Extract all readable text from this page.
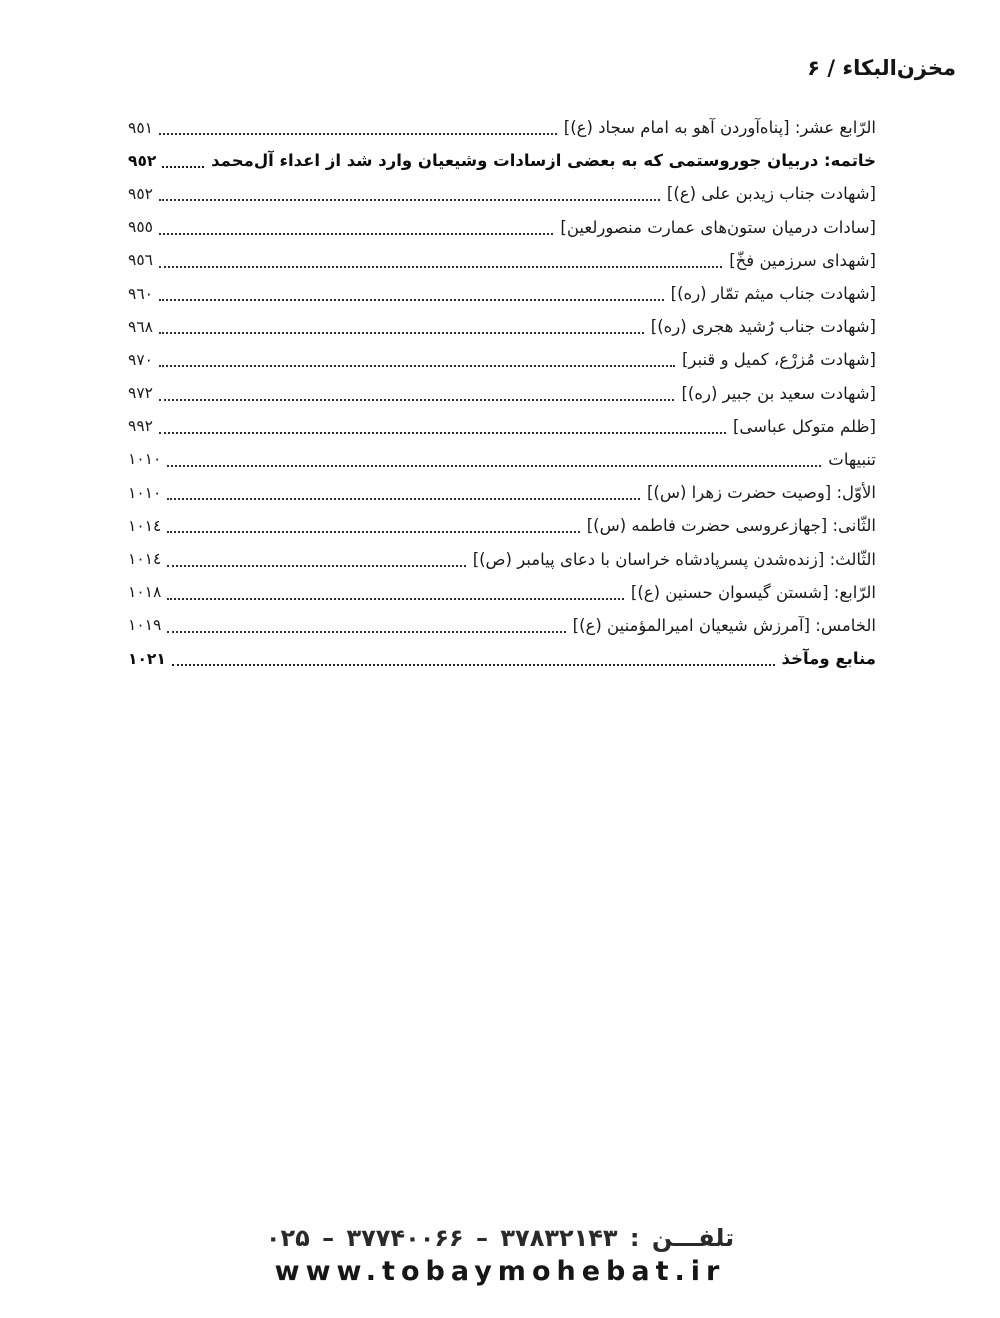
مخزن‌البکاء / ۶
الرّابع عشر: [پناه‌آوردن آهو به امام سجاد (ع)]
٩٥١
خاتمه: دربیان جوروستمی که به بعضی ازسادات وشیعیان وارد شد از اعداء آل‌محمد
٩٥٢
[شهادت جناب زیدبن علی (ع)]
٩٥٢
[سادات درمیان ستون‌های عمارت منصورلعین]
٩٥٥
[شهدای سرزمین فخّ]
٩٥٦
[شهادت جناب میثم تمّار (ره)]
٩٦٠
[شهادت جناب رُشید هجری (ره)]
٩٦٨
[شهادت مُزرْع، کمیل و قنبر]
٩٧٠
[شهادت سعید بن جبیر (ره)]
٩٧٢
[ظلم متوکل عباسی]
٩٩٢
تنبیهات
١٠١٠
الأوّل: [وصیت حضرت زهرا (س)]
١٠١٠
الثّانی: [جهازعروسی حضرت فاطمه (س)]
١٠١٤
الثّالث: [زنده‌شدن پسرپادشاه خراسان با دعای پیامبر (ص)]
١٠١٤
الرّابع: [شستن گیسوان حسنین (ع)]
١٠١٨
الخامس: [آمرزش شیعیان امیرالمؤمنین (ع)]
١٠١٩
منابع ومآخذ
١٠٢١
تلفـــن : ۳۷۸۳۲۱۴۳ – ۳۷۷۴۰۰۶۶ – ۰۲۵
www.tobaymohebat.ir
